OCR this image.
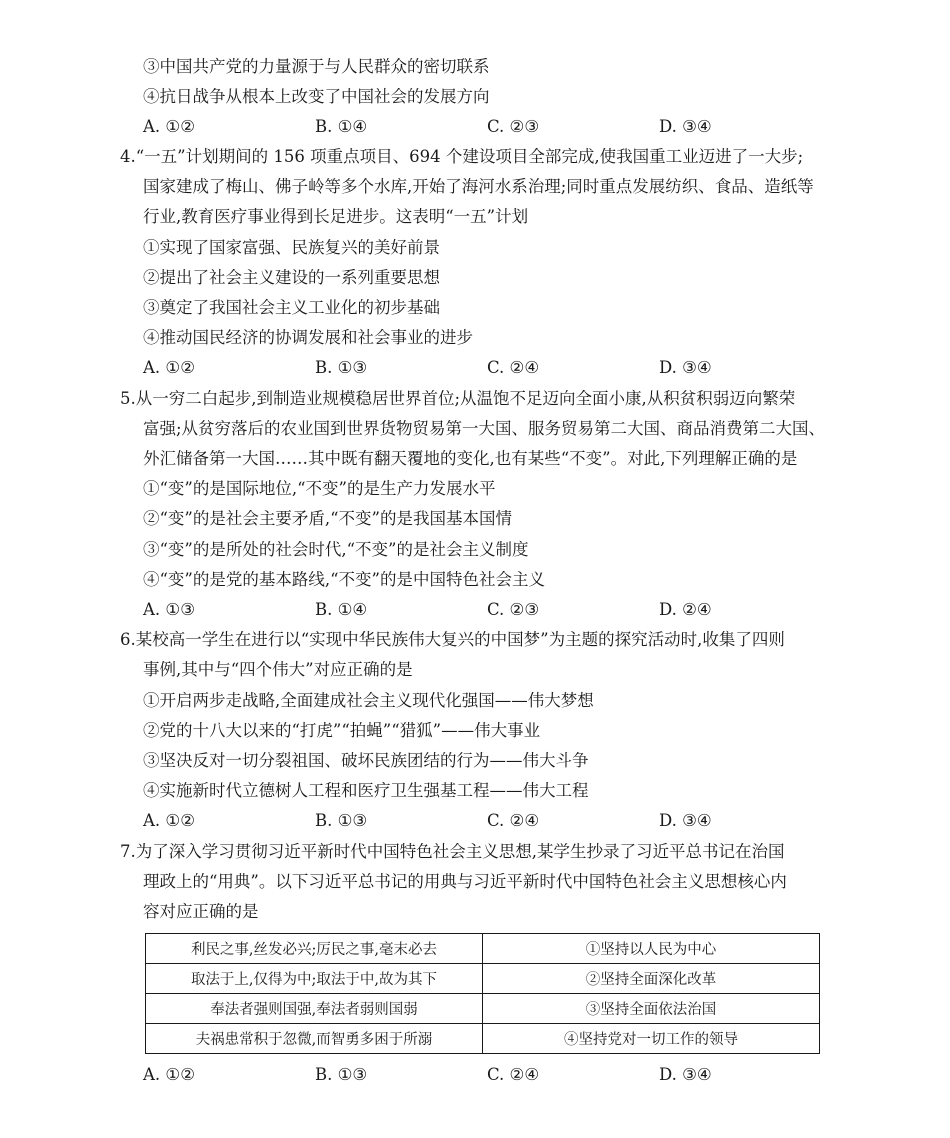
③中国共产党的力量源于与人民群众的密切联系
④抗日战争从根本上改变了中国社会的发展方向
A. ①②	B. ①④	C. ②③	D. ③④
4.“一五”计划期间的 156 项重点项目、694 个建设项目全部完成,使我国重工业迈进了一大步;
国家建成了梅山、佛子岭等多个水库,开始了海河水系治理;同时重点发展纺织、食品、造纸等
行业,教育医疗事业得到长足进步。这表明“一五”计划
①实现了国家富强、民族复兴的美好前景
②提出了社会主义建设的一系列重要思想
③奠定了我国社会主义工业化的初步基础
④推动国民经济的协调发展和社会事业的进步
A. ①②	B. ①③	C. ②④	D. ③④
5.从一穷二白起步,到制造业规模稳居世界首位;从温饱不足迈向全面小康,从积贫积弱迈向繁荣
富强;从贫穷落后的农业国到世界货物贸易第一大国、服务贸易第二大国、商品消费第二大国、
外汇储备第一大国……其中既有翻天覆地的变化,也有某些“不变”。对此,下列理解正确的是
①“变”的是国际地位,“不变”的是生产力发展水平
②“变”的是社会主要矛盾,“不变”的是我国基本国情
③“变”的是所处的社会时代,“不变”的是社会主义制度
④“变”的是党的基本路线,“不变”的是中国特色社会主义
A. ①③	B. ①④	C. ②③	D. ②④
6.某校高一学生在进行以“实现中华民族伟大复兴的中国梦”为主题的探究活动时,收集了四则
事例,其中与“四个伟大”对应正确的是
①开启两步走战略,全面建成社会主义现代化强国——伟大梦想
②党的十八大以来的“打虎”“拍蝇”“猎狐”——伟大事业
③坚决反对一切分裂祖国、破坏民族团结的行为——伟大斗争
④实施新时代立德树人工程和医疗卫生强基工程——伟大工程
A. ①②	B. ①③	C. ②④	D. ③④
7.为了深入学习贯彻习近平新时代中国特色社会主义思想,某学生抄录了习近平总书记在治国
理政上的“用典”。以下习近平总书记的用典与习近平新时代中国特色社会主义思想核心内
容对应正确的是
利民之事,丝发必兴;厉民之事,毫末必去	①坚持以人民为中心
取法于上,仅得为中;取法于中,故为其下	②坚持全面深化改革
奉法者强则国强,奉法者弱则国弱	③坚持全面依法治国
夫祸患常积于忽微,而智勇多困于所溺	④坚持党对一切工作的领导
A. ①②	B. ①③	C. ②④	D. ③④
